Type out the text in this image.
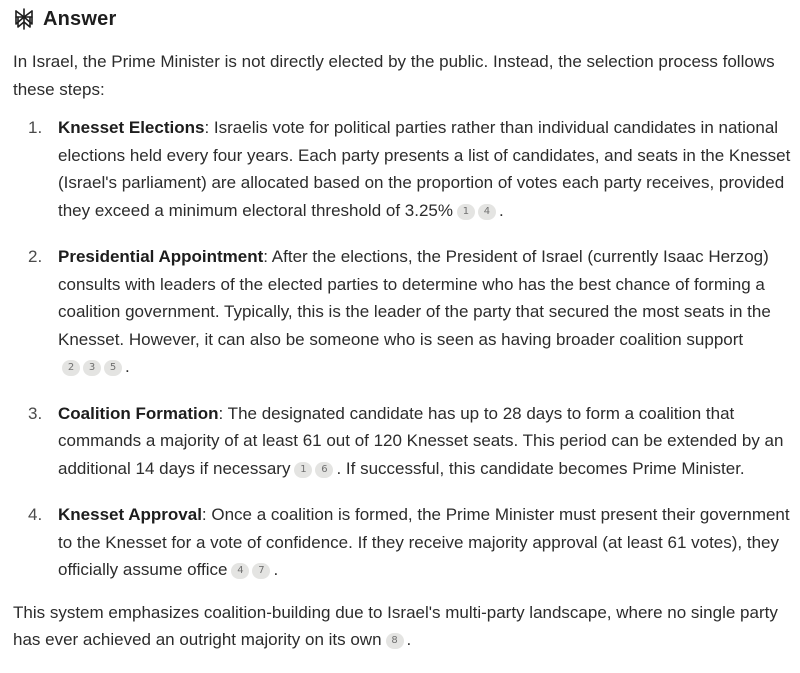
Answer

In Israel, the Prime Minister is not directly elected by the public. Instead, the selection process follows these steps:

1. Knesset Elections: Israelis vote for political parties rather than individual candidates in national elections held every four years. Each party presents a list of candidates, and seats in the Knesset (Israel's parliament) are allocated based on the proportion of votes each party receives, provided they exceed a minimum electoral threshold of 3.25% 1 4 .
2. Presidential Appointment: After the elections, the President of Israel (currently Isaac Herzog) consults with leaders of the elected parties to determine who has the best chance of forming a coalition government. Typically, this is the leader of the party that secured the most seats in the Knesset. However, it can also be someone who is seen as having broader coalition support2 3 5 .
3. Coalition Formation: The designated candidate has up to 28 days to form a coalition that commands a majority of at least 61 out of 120 Knesset seats. This period can be extended by an additional 14 days if necessary 1 6 . If successful, this candidate becomes Prime Minister.
4. Knesset Approval: Once a coalition is formed, the Prime Minister must present their government to the Knesset for a vote of confidence. If they receive majority approval (at least 61 votes), they officially assume office 4 7 .

This system emphasizes coalition-building due to Israel's multi-party landscape, where no single party has ever achieved an outright majority on its own 8 .
